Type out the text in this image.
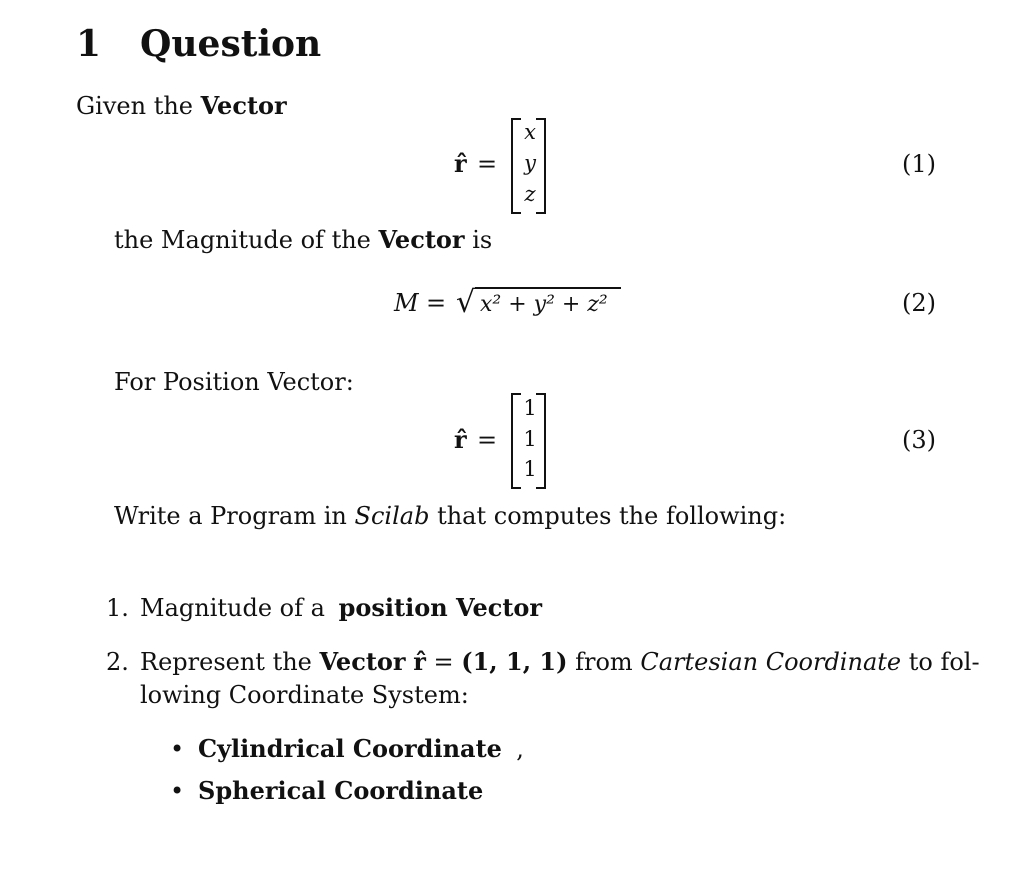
1 Question
Given the Vector
r̂ =
x
y
z
(1)
the Magnitude of the Vector is
M = √ x² + y² + z²	(2)
For Position Vector:
r̂ =
1
1
1
(3)
Write a Program in Scilab that computes the following:
1. Magnitude of a position Vector
2. Represent the Vector r̂ = (1, 1, 1) from Cartesian Coordinate to fol-
lowing Coordinate System:
• Cylindrical Coordinate ,
• Spherical Coordinate
